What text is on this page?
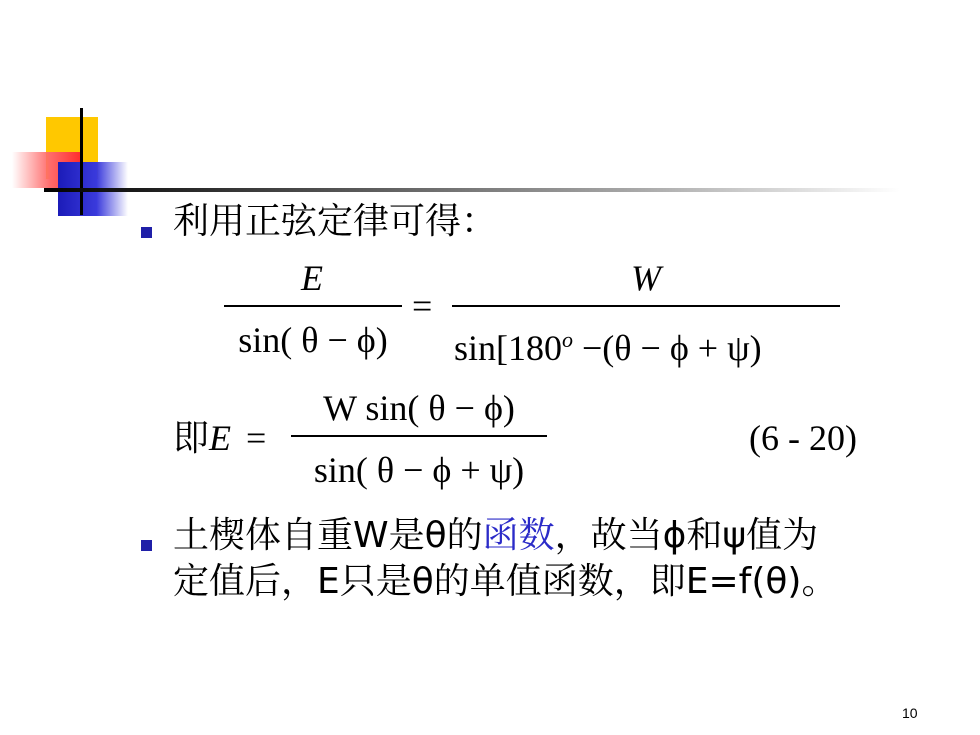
利用正弦定律可得：
E
sin( θ − ϕ)
=
W
$\sin[180^o -(\theta - \phi + \psi)$
即E =
W sin( θ − ϕ)
sin( θ − ϕ + ψ)
(6 - 20)
土楔体自重W是θ的函数，故当ϕ和ψ值为
定值后，E只是θ的单值函数，即E=f(θ)。
10
